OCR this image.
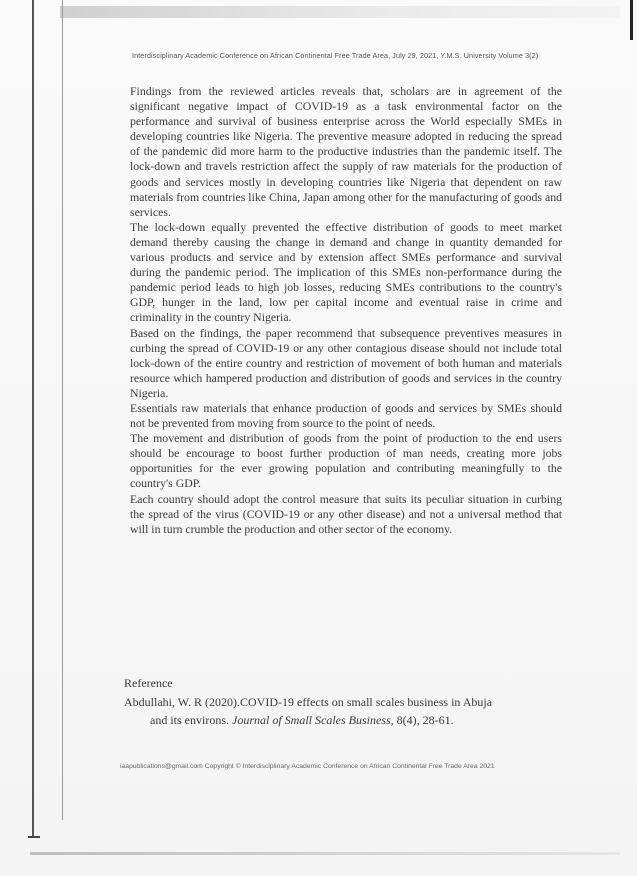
Interdisciplinary Academic Conference on African Continental Free Trade Area, July 29, 2021, Y.M.S. University Volume 3(2)

Findings from the reviewed articles reveals that, scholars are in agreement of the significant negative impact of COVID-19 as a task environmental factor on the performance and survival of business enterprise across the World especially SMEs in developing countries like Nigeria. The preventive measure adopted in reducing the spread of the pandemic did more harm to the productive industries than the pandemic itself. The lock-down and travels restriction affect the supply of raw materials for the production of goods and services mostly in developing countries like Nigeria that dependent on raw materials from countries like China, Japan among other for the manufacturing of goods and services.

The lock-down equally prevented the effective distribution of goods to meet market demand thereby causing the change in demand and change in quantity demanded for various products and service and by extension affect SMEs performance and survival during the pandemic period. The implication of this SMEs non-performance during the pandemic period leads to high job losses, reducing SMEs contributions to the country's GDP, hunger in the land, low per capital income and eventual raise in crime and criminality in the country Nigeria.

Based on the findings, the paper recommend that subsequence preventives measures in curbing the spread of COVID-19 or any other contagious disease should not include total lock-down of the entire country and restriction of movement of both human and materials resource which hampered production and distribution of goods and services in the country Nigeria.

Essentials raw materials that enhance production of goods and services by SMEs should not be prevented from moving from source to the point of needs.

The movement and distribution of goods from the point of production to the end users should be encourage to boost further production of man needs, creating more jobs opportunities for the ever growing population and contributing meaningfully to the country's GDP.

Each country should adopt the control measure that suits its peculiar situation in curbing the spread of the virus (COVID-19 or any other disease) and not a universal method that will in turn crumble the production and other sector of the economy.

Reference
Abdullahi, W. R (2020).COVID-19 effects on small scales business in Abuja
and its environs. Journal of Small Scales Business, 8(4), 28-61.
iaapublications@gmail.com Copyright © Interdisciplinary Academic Conference on African Continental Free Trade Area 2021
